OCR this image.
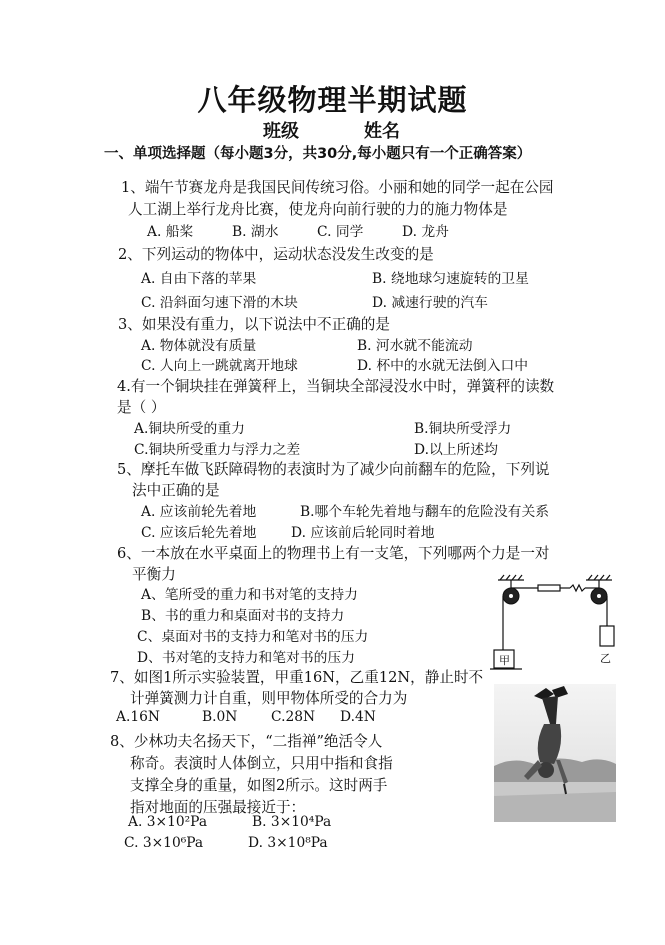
八年级物理半期试题
班级	姓名
一、单项选择题（每小题3分，共30分,每小题只有一个正确答案）
1、端午节赛龙舟是我国民间传统习俗。小丽和她的同学一起在公园
人工湖上举行龙舟比赛，使龙舟向前行驶的力的施力物体是
A. 船桨	B. 湖水	C. 同学	D. 龙舟
2、下列运动的物体中，运动状态没发生改变的是
A. 自由下落的苹果	B. 绕地球匀速旋转的卫星
C. 沿斜面匀速下滑的木块	D. 减速行驶的汽车
3、如果没有重力，以下说法中不正确的是
A. 物体就没有质量	B. 河水就不能流动
C. 人向上一跳就离开地球	D. 杯中的水就无法倒入口中
4.有一个铜块挂在弹簧秤上，当铜块全部浸没水中时，弹簧秤的读数
是（ ）
A.铜块所受的重力	B.铜块所受浮力
C.铜块所受重力与浮力之差	D.以上所述均
5、摩托车做飞跃障碍物的表演时为了减少向前翻车的危险，下列说
法中正确的是
A. 应该前轮先着地	B.哪个车轮先着地与翻车的危险没有关系
C. 应该后轮先着地	D. 应该前后轮同时着地
6、一本放在水平桌面上的物理书上有一支笔，下列哪两个力是一对
平衡力
A、笔所受的重力和书对笔的支持力
B、书的重力和桌面对书的支持力
C、桌面对书的支持力和笔对书的压力
D、书对笔的支持力和笔对书的压力
7、如图1所示实验装置，甲重16N，乙重12N，静止时不
计弹簧测力计自重，则甲物体所受的合力为
A.16N	B.0N C.28N D.4N
8、少林功夫名扬天下，“二指禅”绝活令人
称奇。表演时人体倒立，只用中指和食指
支撑全身的重量，如图2所示。这时两手
指对地面的压强最接近于：
A. 3×10²Pa	B. 3×10⁴Pa
C. 3×10⁶Pa	D. 3×10⁸Pa
甲	乙
